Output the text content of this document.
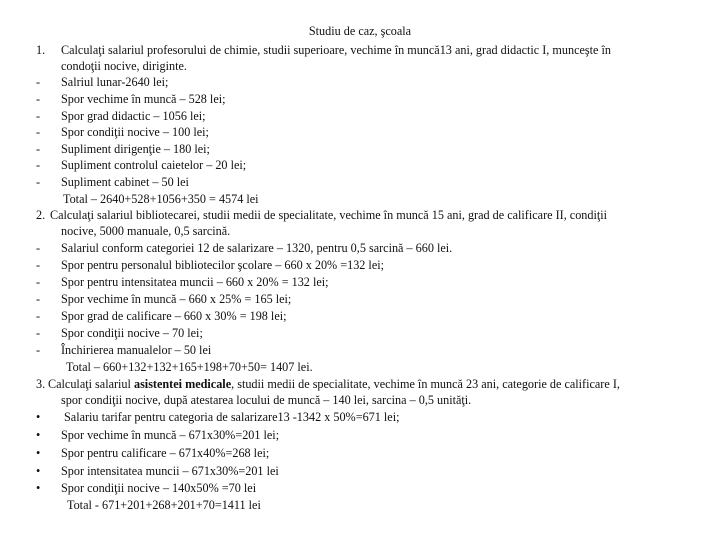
Studiu de caz, şcoala
1.	Calculaţi salariul profesorului de chimie, studii superioare, vechime în muncă13 ani, grad didactic I, munceşte în
condoţii nocive, diriginte.
-	Salriul lunar-2640 lei;
-	Spor vechime în muncă – 528 lei;
-	Spor grad didactic – 1056 lei;
-	Spor condiţii nocive – 100 lei;
-	Supliment dirigenţie – 180 lei;
-	Supliment controlul caietelor – 20 lei;
-	Supliment cabinet – 50 lei
Total – 2640+528+1056+350 = 4574 lei
2. Calculaţi salariul bibliotecarei, studii medii de specialitate, vechime în muncă 15 ani, grad de calificare II, condiţii
nocive, 5000 manuale, 0,5 sarcină.
-	Salariul conform categoriei 12 de salarizare – 1320, pentru 0,5 sarcină – 660 lei.
-	Spor pentru personalul bibliotecilor şcolare – 660 x 20% =132 lei;
-	Spor pentru intensitatea muncii – 660 x 20% = 132 lei;
-	Spor vechime în muncă – 660 x 25% = 165 lei;
-	Spor grad de calificare – 660 x 30% = 198 lei;
-	Spor condiţii nocive – 70 lei;
-	Închirierea manualelor – 50 lei
Total – 660+132+132+165+198+70+50= 1407 lei.
3. Calculaţi salariul asistentei medicale, studii medii de specialitate, vechime în muncă 23 ani, categorie de calificare I,
spor condiţii nocive, după atestarea locului de muncă – 140 lei, sarcina – 0,5 unităţi.
•	Salariu tarifar pentru categoria de salarizare13 -1342 x 50%=671 lei;
•	Spor vechime în muncă – 671x30%=201 lei;
•	Spor pentru calificare – 671x40%=268 lei;
•	Spor intensitatea muncii – 671x30%=201 lei
•	Spor condiţii nocive – 140x50% =70 lei
Total - 671+201+268+201+70=1411 lei
